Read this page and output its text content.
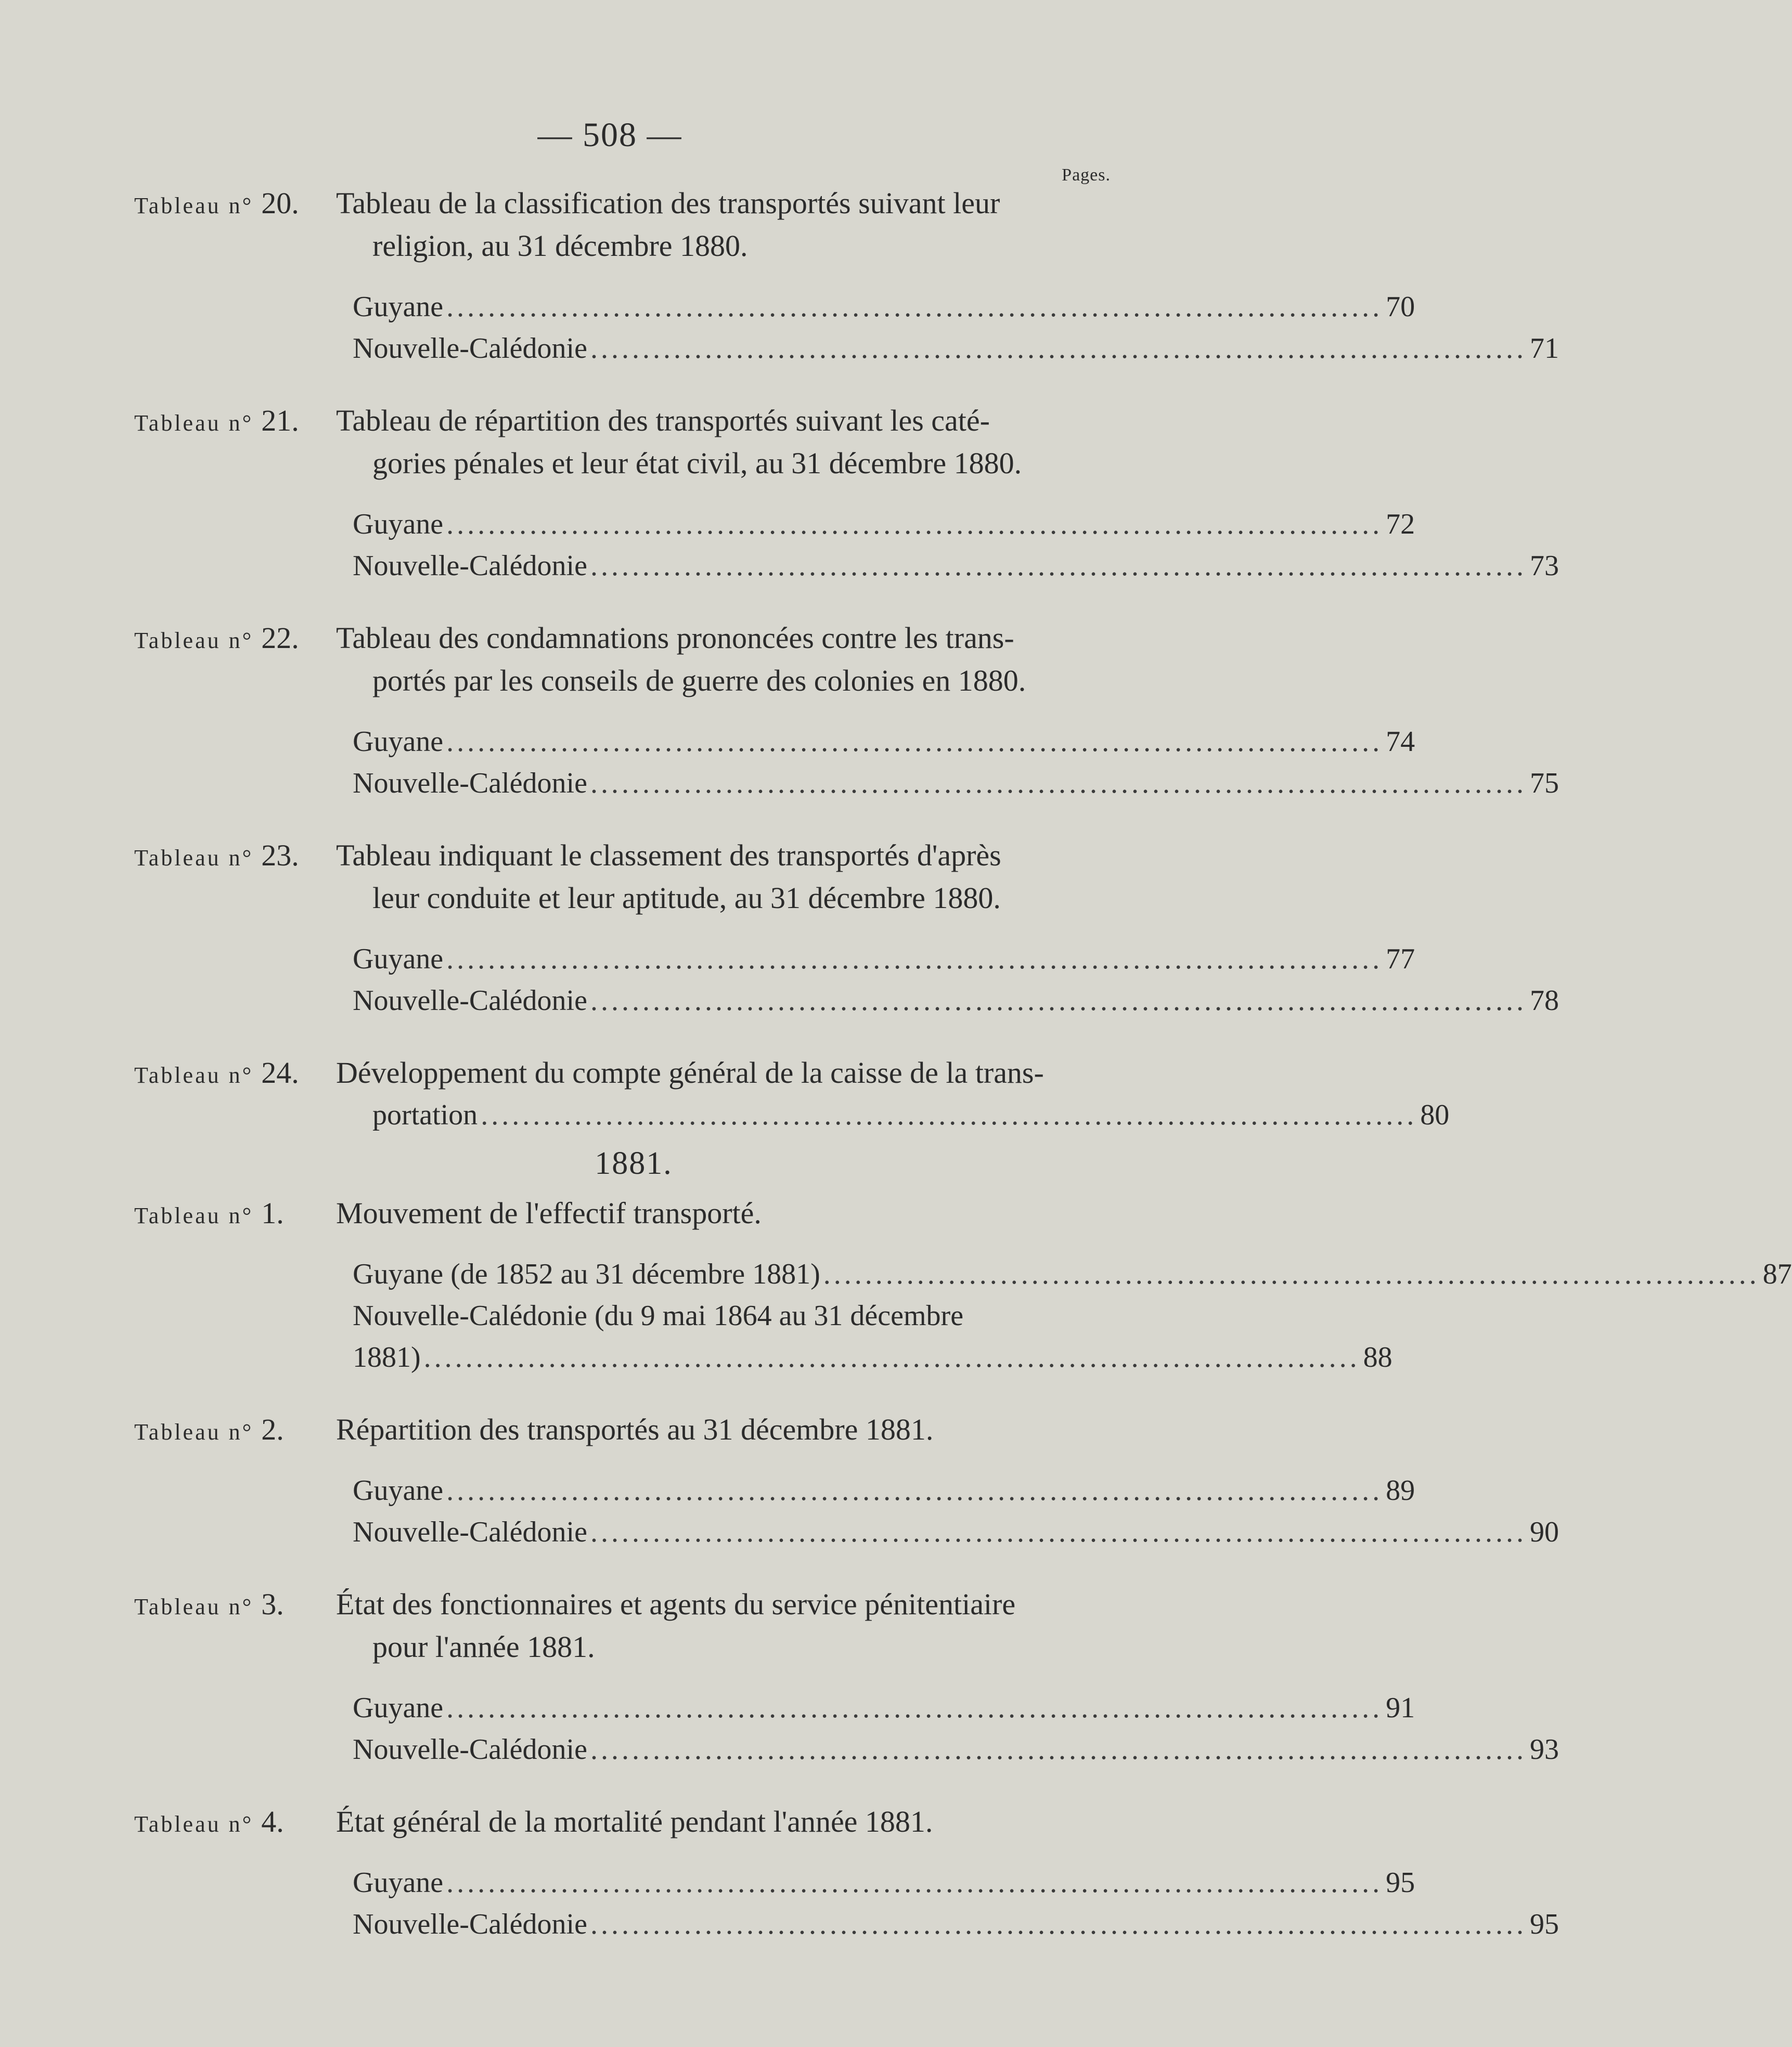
— 508 —
Pages.
Tableau n° 20.	Tableau de la classification des transportés suivant leur
religion, au 31 décembre 1880.
Guyane .......................................................................................... 70
Nouvelle-Calédonie .......................................................................................... 71
Tableau n° 21.	Tableau de répartition des transportés suivant les caté-
gories pénales et leur état civil, au 31 décembre 1880.
Guyane .......................................................................................... 72
Nouvelle-Calédonie .......................................................................................... 73
Tableau n° 22.	Tableau des condamnations prononcées contre les trans-
portés par les conseils de guerre des colonies en 1880.
Guyane .......................................................................................... 74
Nouvelle-Calédonie .......................................................................................... 75
Tableau n° 23.	Tableau indiquant le classement des transportés d'après
leur conduite et leur aptitude, au 31 décembre 1880.
Guyane .......................................................................................... 77
Nouvelle-Calédonie .......................................................................................... 78
Tableau n° 24.	Développement du compte général de la caisse de la trans-
portation .......................................................................................... 80
1881.
Tableau n° 1.	Mouvement de l'effectif transporté.
Guyane (de 1852 au 31 décembre 1881) .......................................................................................... 87
Nouvelle-Calédonie (du 9 mai 1864 au 31 décembre
1881) .......................................................................................... 88
Tableau n° 2.	Répartition des transportés au 31 décembre 1881.
Guyane .......................................................................................... 89
Nouvelle-Calédonie .......................................................................................... 90
Tableau n° 3.	État des fonctionnaires et agents du service pénitentiaire
pour l'année 1881.
Guyane .......................................................................................... 91
Nouvelle-Calédonie .......................................................................................... 93
Tableau n° 4.	État général de la mortalité pendant l'année 1881.
Guyane .......................................................................................... 95
Nouvelle-Calédonie .......................................................................................... 95
